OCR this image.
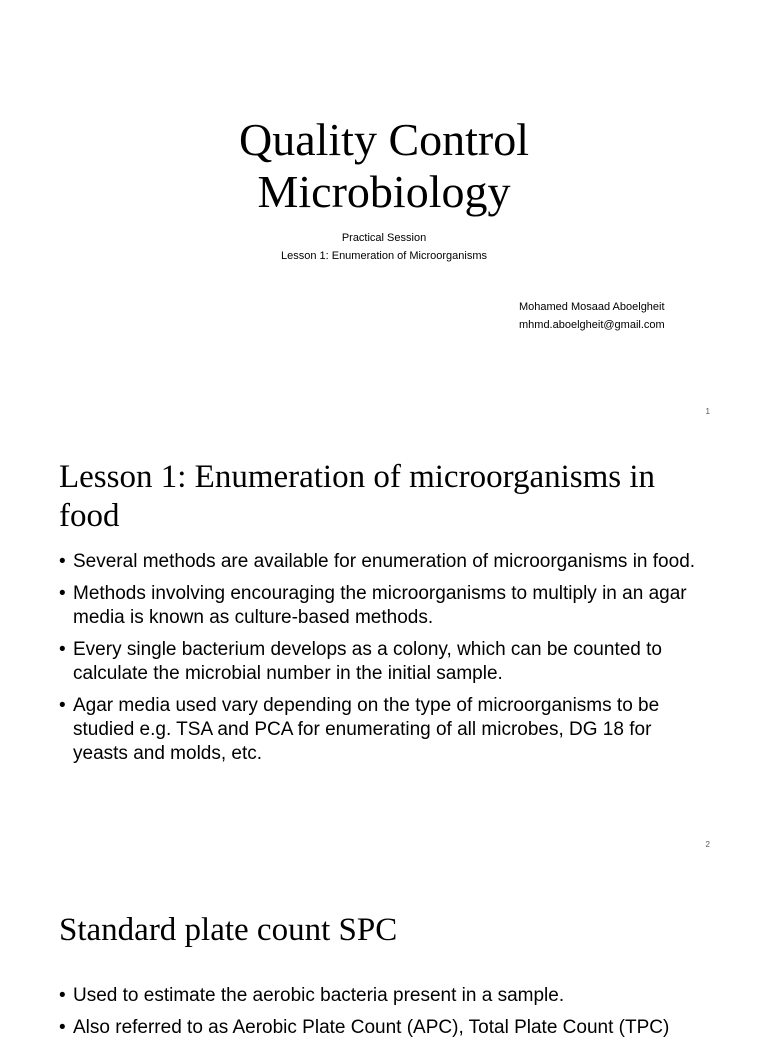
Quality Control
Microbiology
Practical Session
Lesson 1: Enumeration of Microorganisms
Mohamed Mosaad Aboelgheit
mhmd.aboelgheit@gmail.com
1
Lesson 1: Enumeration of microorganisms in food
• Several methods are available for enumeration of microorganisms in food.
• Methods involving encouraging the microorganisms to multiply in an agar media is known as culture-based methods.
• Every single bacterium develops as a colony, which can be counted to calculate the microbial number in the initial sample.
• Agar media used vary depending on the type of microorganisms to be studied e.g. TSA and PCA for enumerating of all microbes, DG 18 for yeasts and molds, etc.
2
Standard plate count SPC
• Used to estimate the aerobic bacteria present in a sample.
• Also referred to as Aerobic Plate Count (APC), Total Plate Count (TPC)
